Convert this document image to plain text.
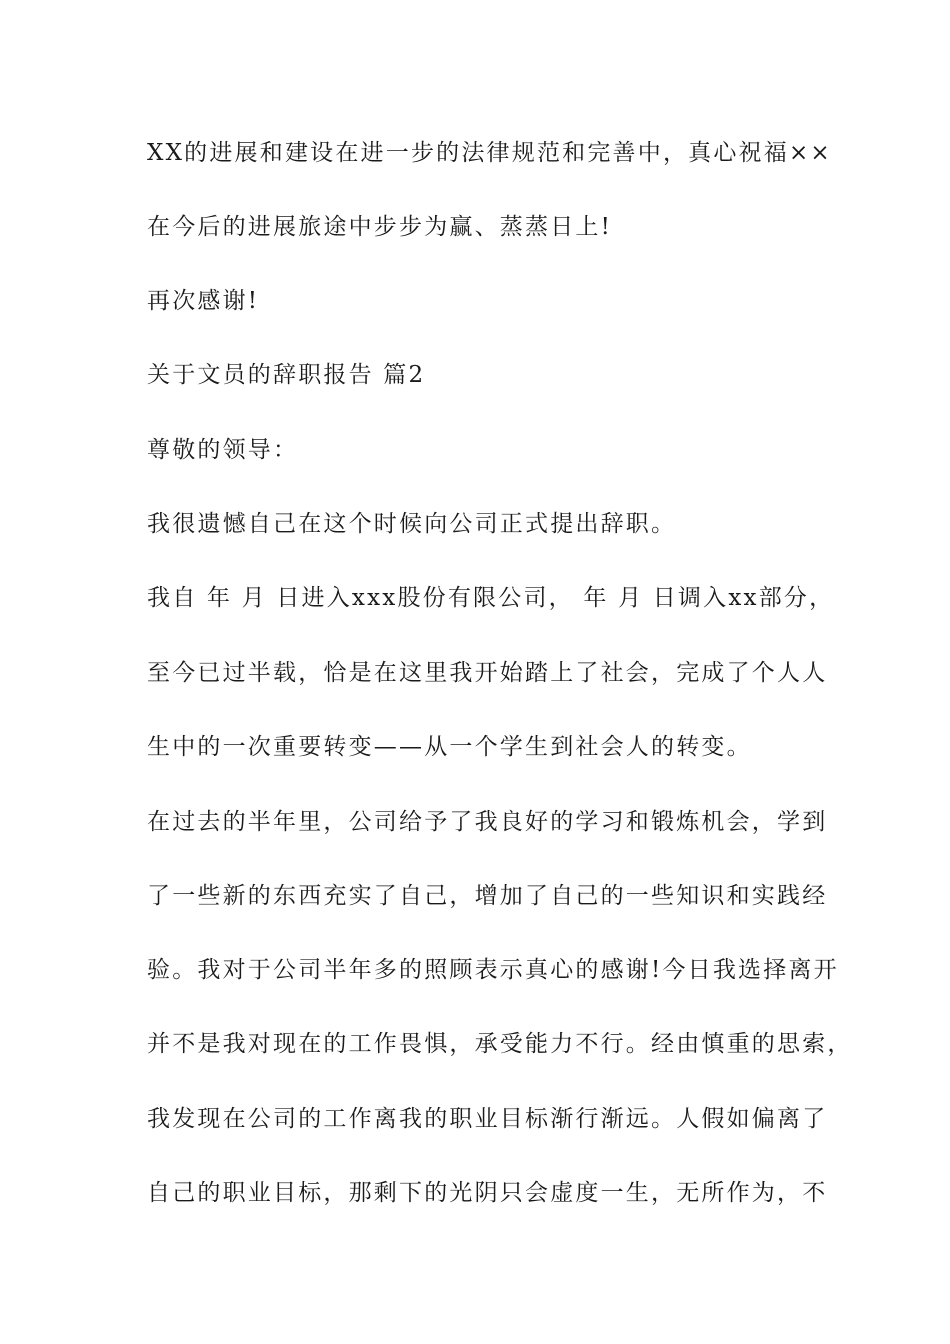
XX的进展和建设在进一步的法律规范和完善中，真心祝福××
在今后的进展旅途中步步为赢、蒸蒸日上!
再次感谢!
关于文员的辞职报告 篇2
尊敬的领导：
我很遗憾自己在这个时候向公司正式提出辞职。
我自 年 月 日进入xxx股份有限公司， 年 月 日调入xx部分，
至今已过半载，恰是在这里我开始踏上了社会，完成了个人人
生中的一次重要转变——从一个学生到社会人的转变。
在过去的半年里，公司给予了我良好的学习和锻炼机会，学到
了一些新的东西充实了自己，增加了自己的一些知识和实践经
验。我对于公司半年多的照顾表示真心的感谢!今日我选择离开
并不是我对现在的工作畏惧，承受能力不行。经由慎重的思索，
我发现在公司的工作离我的职业目标渐行渐远。人假如偏离了
自己的职业目标，那剩下的光阴只会虚度一生，无所作为，不
